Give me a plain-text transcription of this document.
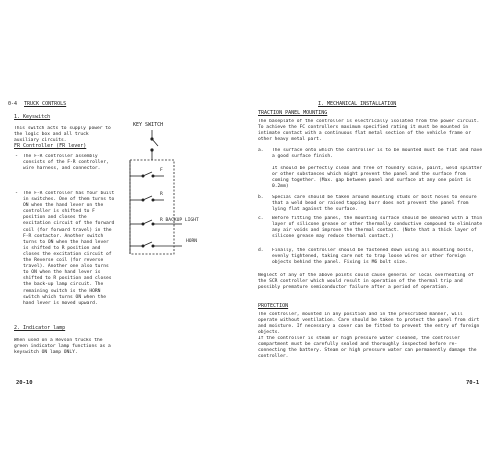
0-4 TRUCK CONTROLS
1. Keyswitch
This switch acts to supply power to the logic box and all truck auxiliary circuits.
FR Controller (FR lever)
- The F-R controller assembly consists of the F-R controller, wire harness, and connector.
- The F-R controller has four built in switches. One of them turns to ON when the hand lever on the controller is shifted to F position and closes the excitation circuit of the forward coil (for forward travel) in the F-R contactor. Another switch turns to ON when the hand lever is shifted to R position and closes the excitation circuit of the Reverse coil (for reverse travel). Another one also turns to ON when the hand lever is shifted to R position and closes the back-up lamp circuit. The remaining switch is the HORN switch which turns ON when the hand lever is moved upward.
2. Indicator lamp
When used on a Revson trucks the green indicator lamp functions as a keyswitch ON lamp ONLY.
KEY SWITCH
F
R
R BACKUP LIGHT
HORN
I. MECHANICAL INSTALLATION
TRACTION PANEL MOUNTING
The baseplate of the controller is electrically isolated from the power circuit. To achieve the FC controllers maximum specified rating it must be mounted in intimate contact with a continuous flat metal section of the vehicle frame or other heavy metal part.
a. The surface onto which the controller is to be mounted must be flat and have a good surface finish.
It should be perfectly clean and free of foundry scale, paint, weld splatter or other substances which might prevent the panel and the surface from coming together. (Max. gap between panel and surface at any one point is 0.2mm)
b. Special care should be taken around mounting studs or bolt holes to ensure that a weld bead or raised tapping burr does not prevent the panel from lying flat against the surface.
c. Before fitting the panel, the mounting surface should be smeared with a thin layer of silicone grease or other thermally conductive compound to eliminate any air voids and improve the thermal contact. (Note that a thick layer of silicone grease may reduce thermal contact.)
d. Finally, the controller should be fastened down using all mounting bolts, evenly tightened, taking care not to trap loose wires or other foreign objects behind the panel. Fixing is M6 bolt size.
Neglect of any of the above points could cause general or local overheating of the SCR controller which would result in operation of the thermal trip and possibly premature semiconductor failure after a period of operation.
PROTECTION
The controller, mounted in any position and in the prescribed manner, will operate without ventilation. Care should be taken to protect the panel from dirt and moisture. If necessary a cover can be fitted to prevent the entry of foreign objects.
If the controller is steam or high pressure water cleaned, the controller compartment must be carefully sealed and thoroughly inspected before re-connecting the battery. Steam or high pressure water can permanently damage the controller.
20-10	70-1
